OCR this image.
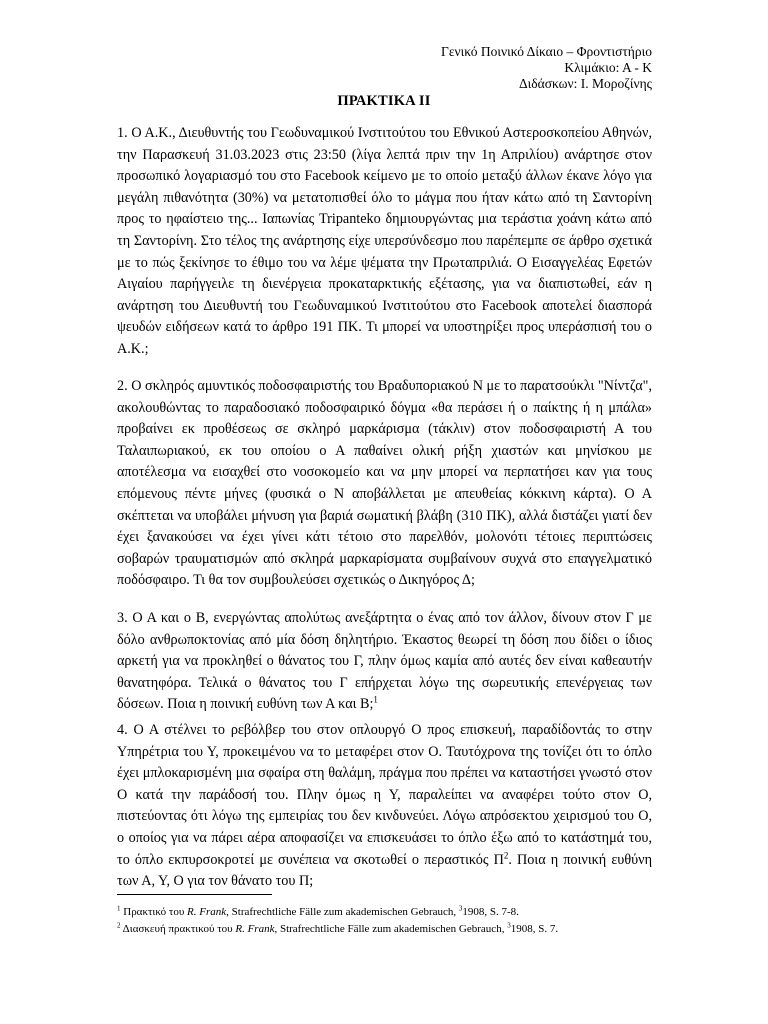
Γενικό Ποινικό Δίκαιο – Φροντιστήριο
Κλιμάκιο: Α - Κ
Διδάσκων: Ι. Μοροζίνης
ΠΡΑΚΤΙΚΑ ΙΙ
1. Ο Α.Κ., Διευθυντής του Γεωδυναμικού Ινστιτούτου του Εθνικού Αστεροσκοπείου Αθηνών, την Παρασκευή 31.03.2023 στις 23:50 (λίγα λεπτά πριν την 1η Απριλίου) ανάρτησε στον προσωπικό λογαριασμό του στο Facebook κείμενο με το οποίο μεταξύ άλλων έκανε λόγο για μεγάλη πιθανότητα (30%) να μετατοπισθεί όλο το μάγμα που ήταν κάτω από τη Σαντορίνη προς το ηφαίστειο της... Ιαπωνίας Tripanteko δημιουργώντας μια τεράστια χοάνη κάτω από τη Σαντορίνη. Στο τέλος της ανάρτησης είχε υπερσύνδεσμο που παρέπεμπε σε άρθρο σχετικά με το πώς ξεκίνησε το έθιμο του να λέμε ψέματα την Πρωταπριλιά. Ο Εισαγγελέας Εφετών Αιγαίου παρήγγειλε τη διενέργεια προκαταρκτικής εξέτασης, για να διαπιστωθεί, εάν η ανάρτηση του Διευθυντή του Γεωδυναμικού Ινστιτούτου στο Facebook αποτελεί διασπορά ψευδών ειδήσεων κατά το άρθρο 191 ΠΚ. Τι μπορεί να υποστηρίξει προς υπεράσπισή του ο Α.Κ.;
2. Ο σκληρός αμυντικός ποδοσφαιριστής του Βραδυποριακού Ν με το παρατσούκλι "Νίντζα", ακολουθώντας το παραδοσιακό ποδοσφαιρικό δόγμα «θα περάσει ή ο παίκτης ή η μπάλα» προβαίνει εκ προθέσεως σε σκληρό μαρκάρισμα (τάκλιν) στον ποδοσφαιριστή Α του Ταλαιπωριακού, εκ του οποίου ο Α παθαίνει ολική ρήξη χιαστών και μηνίσκου με αποτέλεσμα να εισαχθεί στο νοσοκομείο και να μην μπορεί να περπατήσει καν για τους επόμενους πέντε μήνες (φυσικά ο Ν αποβάλλεται με απευθείας κόκκινη κάρτα). Ο Α σκέπτεται να υποβάλει μήνυση για βαριά σωματική βλάβη (310 ΠΚ), αλλά διστάζει γιατί δεν έχει ξανακούσει να έχει γίνει κάτι τέτοιο στο παρελθόν, μολονότι τέτοιες περιπτώσεις σοβαρών τραυματισμών από σκληρά μαρκαρίσματα συμβαίνουν συχνά στο επαγγελματικό ποδόσφαιρο. Τι θα τον συμβουλεύσει σχετικώς ο Δικηγόρος Δ;
3. Ο Α και ο Β, ενεργώντας απολύτως ανεξάρτητα ο ένας από τον άλλον, δίνουν στον Γ με δόλο ανθρωποκτονίας από μία δόση δηλητήριο. Έκαστος θεωρεί τη δόση που δίδει ο ίδιος αρκετή για να προκληθεί ο θάνατος του Γ, πλην όμως καμία από αυτές δεν είναι καθεαυτήν θανατηφόρα. Τελικά ο θάνατος του Γ επήρχεται λόγω της σωρευτικής επενέργειας των δόσεων. Ποια η ποινική ευθύνη των Α και Β;$^1$
4. Ο Α στέλνει το ρεβόλβερ του στον οπλουργό Ο προς επισκευή, παραδίδοντάς το στην Υπηρέτρια του Υ, προκειμένου να το μεταφέρει στον Ο. Ταυτόχρονα της τονίζει ότι το όπλο έχει μπλοκαρισμένη μια σφαίρα στη θαλάμη, πράγμα που πρέπει να καταστήσει γνωστό στον Ο κατά την παράδοσή του. Πλην όμως η Υ, παραλείπει να αναφέρει τούτο στον Ο, πιστεύοντας ότι λόγω της εμπειρίας του δεν κινδυνεύει. Λόγω απρόσεκτου χειρισμού του Ο, ο οποίος για να πάρει αέρα αποφασίζει να επισκευάσει το όπλο έξω από το κατάστημά του, το όπλο εκπυρσοκροτεί με συνέπεια να σκοτωθεί ο περαστικός $\Pi^2$. Ποια η ποινική ευθύνη των Α, Υ, Ο για τον θάνατο του Π;
$^1$ Πρακτικό του R. Frank, Strafrechtliche Fälle zum akademischen Gebrauch, $^3$1908, S. 7-8.
$^2$ Διασκευή πρακτικού του R. Frank, Strafrechtliche Fälle zum akademischen Gebrauch, $^3$1908, S. 7.
